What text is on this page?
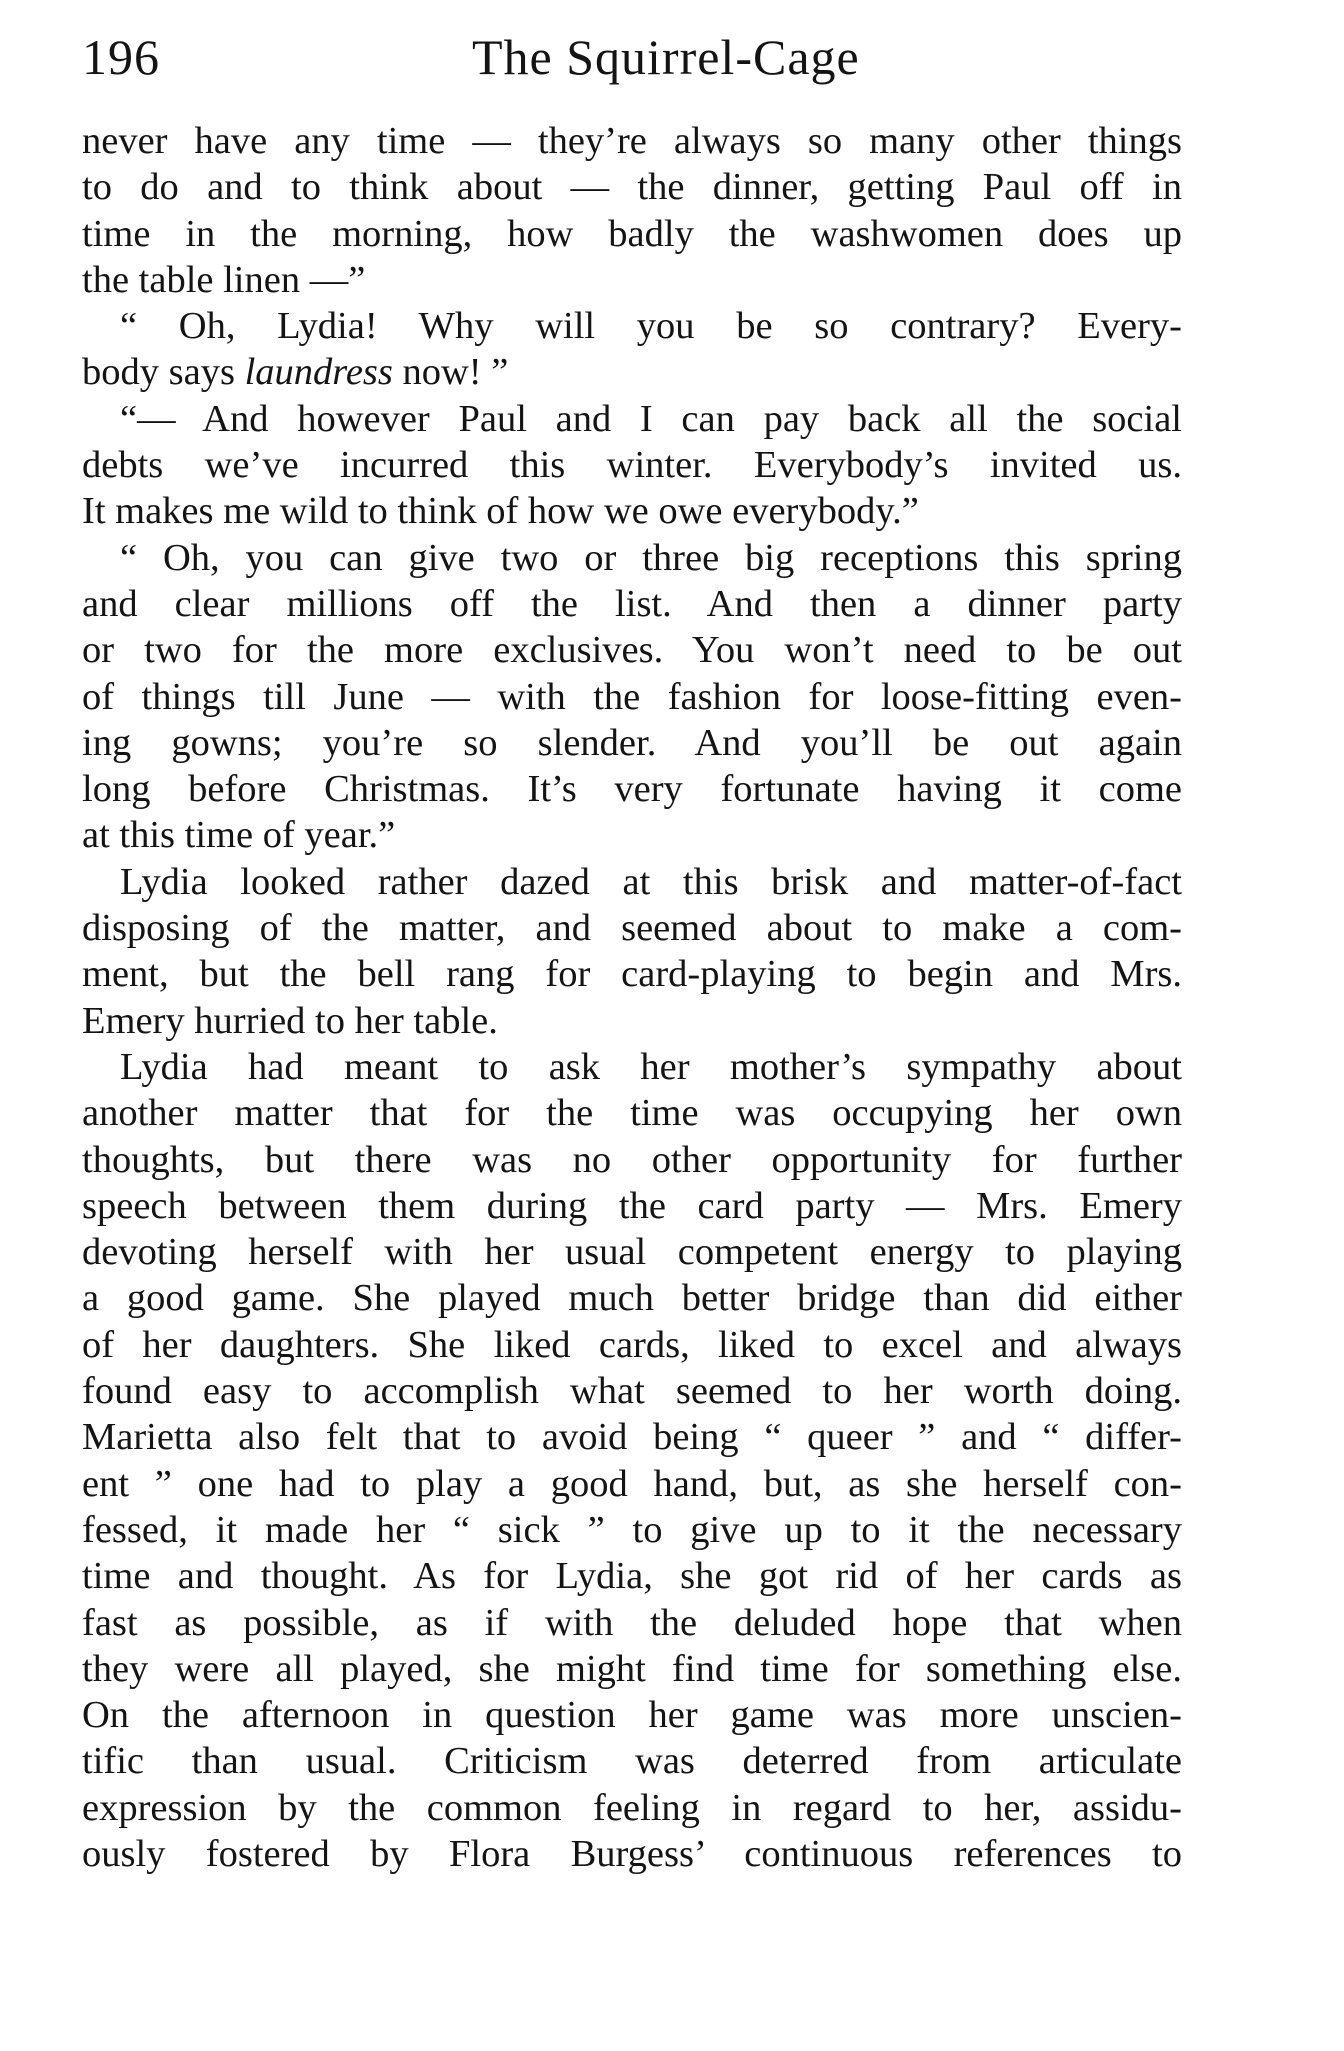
196	The Squirrel-Cage
never have any time — they’re always so many other things
to do and to think about — the dinner, getting Paul off in
time in the morning, how badly the washwomen does up
the table linen —”
“ Oh, Lydia! Why will you be so contrary? Every-
body says laundress now! ”
“— And however Paul and I can pay back all the social
debts we’ve incurred this winter. Everybody’s invited us.
It makes me wild to think of how we owe everybody.”
“ Oh, you can give two or three big receptions this spring
and clear millions off the list. And then a dinner party
or two for the more exclusives. You won’t need to be out
of things till June — with the fashion for loose-fitting even-
ing gowns; you’re so slender. And you’ll be out again
long before Christmas. It’s very fortunate having it come
at this time of year.”
Lydia looked rather dazed at this brisk and matter-of-fact
disposing of the matter, and seemed about to make a com-
ment, but the bell rang for card-playing to begin and Mrs.
Emery hurried to her table.
Lydia had meant to ask her mother’s sympathy about
another matter that for the time was occupying her own
thoughts, but there was no other opportunity for further
speech between them during the card party — Mrs. Emery
devoting herself with her usual competent energy to playing
a good game. She played much better bridge than did either
of her daughters. She liked cards, liked to excel and always
found easy to accomplish what seemed to her worth doing.
Marietta also felt that to avoid being “ queer ” and “ differ-
ent ” one had to play a good hand, but, as she herself con-
fessed, it made her “ sick ” to give up to it the necessary
time and thought. As for Lydia, she got rid of her cards as
fast as possible, as if with the deluded hope that when
they were all played, she might find time for something else.
On the afternoon in question her game was more unscien-
tific than usual. Criticism was deterred from articulate
expression by the common feeling in regard to her, assidu-
ously fostered by Flora Burgess’ continuous references to
